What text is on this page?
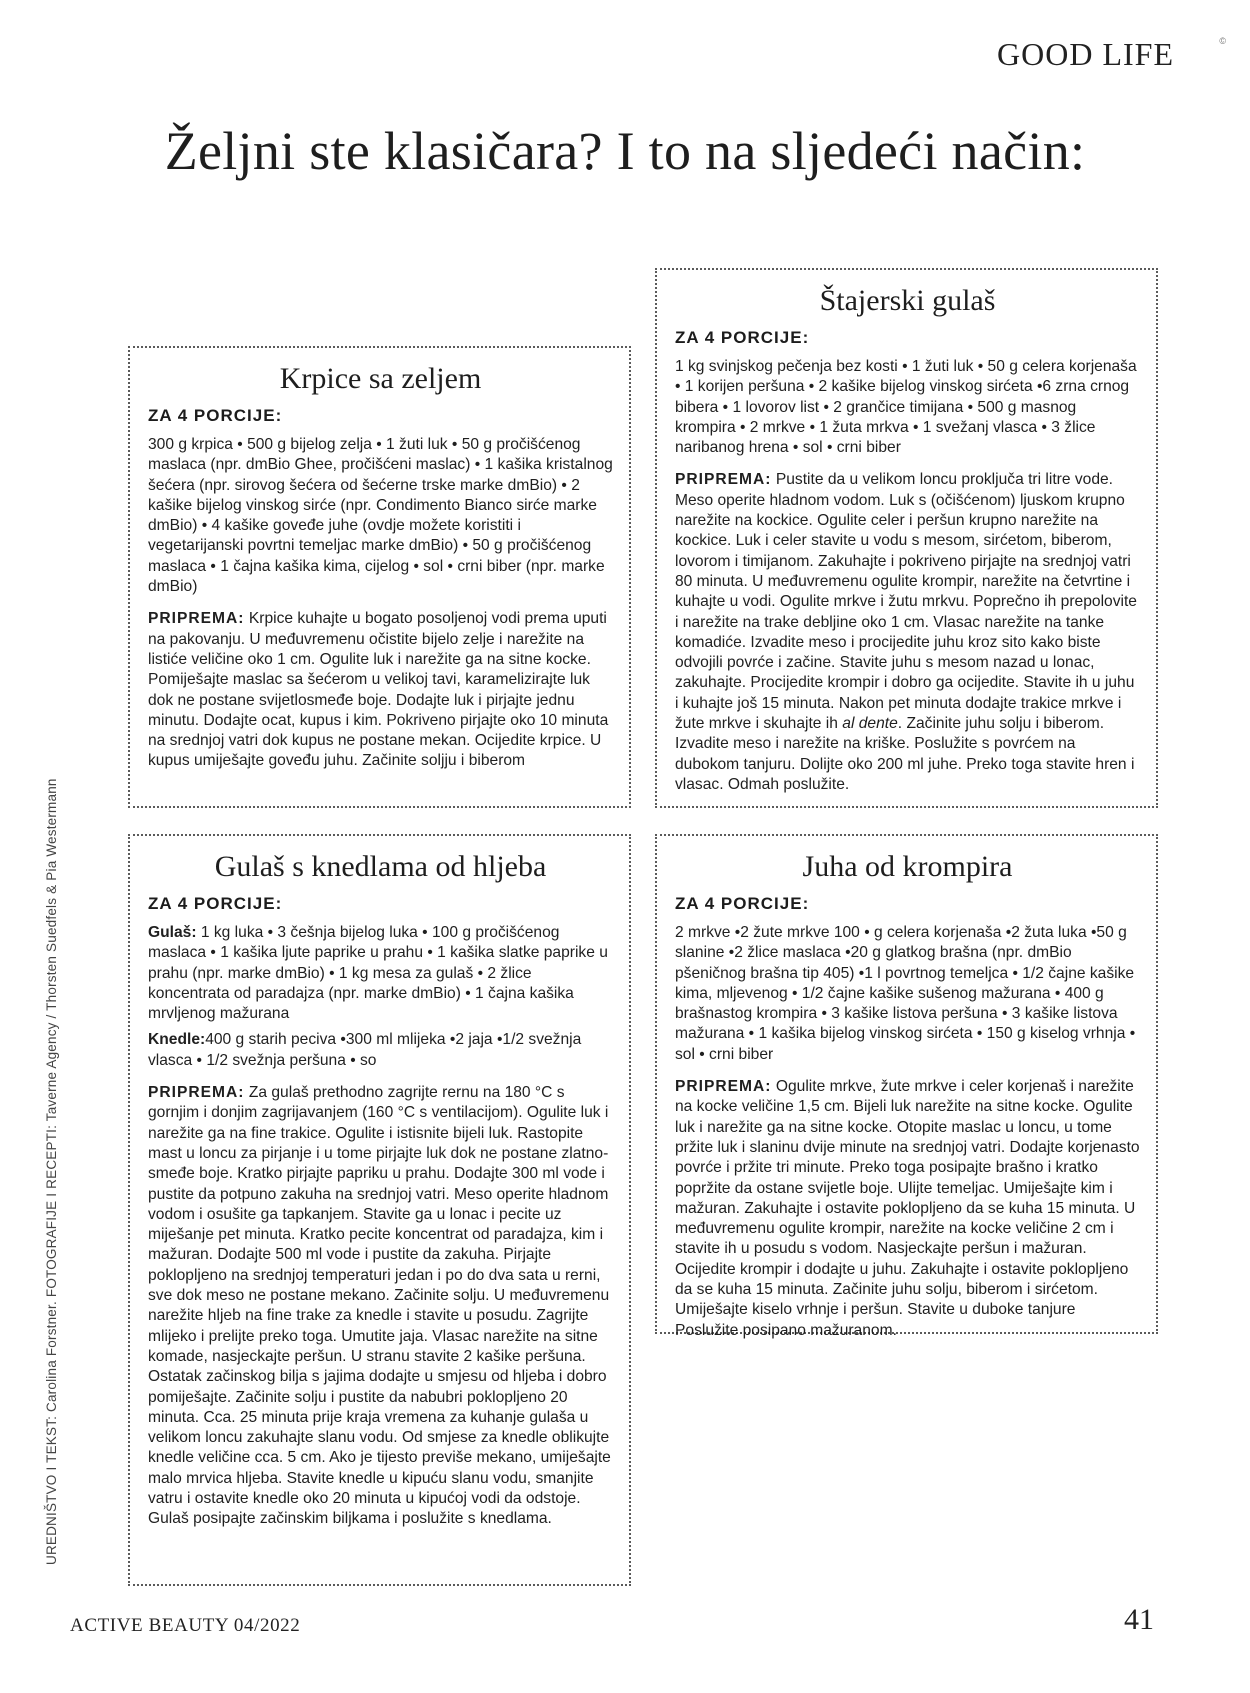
GOOD LIFE	©
Željni ste klasičara? I to na sljedeći način:
UREDNIŠTVO I TEKST: Carolina Forstner. FOTOGRAFIJE I RECEPTI: Taverne Agency / Thorsten Suedfels & Pia Westermann
Krpice sa zeljem

ZA 4 PORCIJE:

300 g krpica • 500 g bijelog zelja • 1 žuti luk • 50 g pročišćenog maslaca (npr. dmBio Ghee, pročišćeni maslac) • 1 kašika kristalnog šećera (npr. sirovog šećera od šećerne trske marke dmBio) • 2 kašike bijelog vinskog sirće (npr. Condimento Bianco sirće marke dmBio) • 4 kašike goveđe juhe (ovdje možete koristiti i vegetarijanski povrtni temeljac marke dmBio) • 50 g pročišćenog maslaca • 1 čajna kašika kima, cijelog • sol • crni biber (npr. marke dmBio)

PRIPREMA: Krpice kuhajte u bogato posoljenoj vodi prema uputi na pakovanju. U međuvremenu očistite bijelo zelje i narežite na listiće veličine oko 1 cm. Ogulite luk i narežite ga na sitne kocke. Pomiješajte maslac sa šećerom u velikoj tavi, karamelizirajte luk dok ne postane svijetlosmeđe boje. Dodajte luk i pirjajte jednu minutu. Dodajte ocat, kupus i kim. Pokriveno pirjajte oko 10 minuta na srednjoj vatri dok kupus ne postane mekan. Ocijedite krpice. U kupus umiješajte goveđu juhu. Začinite soljju i biberom

Štajerski gulaš

ZA 4 PORCIJE:

1 kg svinjskog pečenja bez kosti • 1 žuti luk • 50 g celera korjenaša • 1 korijen peršuna • 2 kašike bijelog vinskog sirćeta •6 zrna crnog bibera • 1 lovorov list • 2 grančice timijana • 500 g masnog krompira • 2 mrkve • 1 žuta mrkva • 1 svežanj vlasca • 3 žlice naribanog hrena • sol • crni biber

PRIPREMA: Pustite da u velikom loncu proključa tri litre vode. Meso operite hladnom vodom. Luk s (očišćenom) ljuskom krupno narežite na kockice. Ogulite celer i peršun krupno narežite na kockice. Luk i celer stavite u vodu s mesom, sirćetom, biberom, lovorom i timijanom. Zakuhajte i pokriveno pirjajte na srednjoj vatri 80 minuta. U međuvremenu ogulite krompir, narežite na četvrtine i kuhajte u vodi. Ogulite mrkve i žutu mrkvu. Poprečno ih prepolovite i narežite na trake debljine oko 1 cm. Vlasac narežite na tanke komadiće. Izvadite meso i procijedite juhu kroz sito kako biste odvojili povrće i začine. Stavite juhu s mesom nazad u lonac, zakuhajte. Procijedite krompir i dobro ga ocijedite. Stavite ih u juhu i kuhajte još 15 minuta. Nakon pet minuta dodajte trakice mrkve i žute mrkve i skuhajte ih al dente. Začinite juhu solju i biberom. Izvadite meso i narežite na kriške. Poslužite s povrćem na dubokom tanjuru. Dolijte oko 200 ml juhe. Preko toga stavite hren i vlasac. Odmah poslužite.

Gulaš s knedlama od hljeba

ZA 4 PORCIJE:

Gulaš: 1 kg luka • 3 češnja bijelog luka • 100 g pročišćenog maslaca • 1 kašika ljute paprike u prahu • 1 kašika slatke paprike u prahu (npr. marke dmBio) • 1 kg mesa za gulaš • 2 žlice koncentrata od paradajza (npr. marke dmBio) • 1 čajna kašika mrvljenog mažurana

Knedle:400 g starih peciva •300 ml mlijeka •2 jaja •1/2 svežnja vlasca • 1/2 svežnja peršuna • so

PRIPREMA: Za gulaš prethodno zagrijte rernu na 180 °C s gornjim i donjim zagrijavanjem (160 °C s ventilacijom). Ogulite luk i narežite ga na fine trakice. Ogulite i istisnite bijeli luk. Rastopite mast u loncu za pirjanje i u tome pirjajte luk dok ne postane zlatno-smeđe boje. Kratko pirjajte papriku u prahu. Dodajte 300 ml vode i pustite da potpuno zakuha na srednjoj vatri. Meso operite hladnom vodom i osušite ga tapkanjem. Stavite ga u lonac i pecite uz miješanje pet minuta. Kratko pecite koncentrat od paradajza, kim i mažuran. Dodajte 500 ml vode i pustite da zakuha. Pirjajte poklopljeno na srednjoj temperaturi jedan i po do dva sata u rerni, sve dok meso ne postane mekano. Začinite solju. U međuvremenu narežite hljeb na fine trake za knedle i stavite u posudu. Zagrijte mlijeko i prelijte preko toga. Umutite jaja. Vlasac narežite na sitne komade, nasjeckajte peršun. U stranu stavite 2 kašike peršuna. Ostatak začinskog bilja s jajima dodajte u smjesu od hljeba i dobro pomiješajte. Začinite solju i pustite da nabubri poklopljeno 20 minuta. Cca. 25 minuta prije kraja vremena za kuhanje gulaša u velikom loncu zakuhajte slanu vodu. Od smjese za knedle oblikujte knedle veličine cca. 5 cm. Ako je tijesto previše mekano, umiješajte malo mrvica hljeba. Stavite knedle u kipuću slanu vodu, smanjite vatru i ostavite knedle oko 20 minuta u kipućoj vodi da odstoje. Gulaš posipajte začinskim biljkama i poslužite s knedlama.

Juha od krompira

ZA 4 PORCIJE:

2 mrkve •2 žute mrkve 100 • g celera korjenaša •2 žuta luka •50 g slanine •2 žlice maslaca •20 g glatkog brašna (npr. dmBio pšeničnog brašna tip 405) •1 l povrtnog temeljca • 1/2 čajne kašike kima, mljevenog • 1/2 čajne kašike sušenog mažurana • 400 g brašnastog krompira • 3 kašike listova peršuna • 3 kašike listova mažurana • 1 kašika bijelog vinskog sirćeta • 150 g kiselog vrhnja • sol • crni biber

PRIPREMA: Ogulite mrkve, žute mrkve i celer korjenaš i narežite na kocke veličine 1,5 cm. Bijeli luk narežite na sitne kocke. Ogulite luk i narežite ga na sitne kocke. Otopite maslac u loncu, u tome pržite luk i slaninu dvije minute na srednjoj vatri. Dodajte korjenasto povrće i pržite tri minute. Preko toga posipajte brašno i kratko popržite da ostane svijetle boje. Ulijte temeljac. Umiješajte kim i mažuran. Zakuhajte i ostavite poklopljeno da se kuha 15 minuta. U međuvremenu ogulite krompir, narežite na kocke veličine 2 cm i stavite ih u posudu s vodom. Nasjeckajte peršun i mažuran. Ocijedite krompir i dodajte u juhu. Zakuhajte i ostavite poklopljeno da se kuha 15 minuta. Začinite juhu solju, biberom i sirćetom. Umiješajte kiselo vrhnje i peršun. Stavite u duboke tanjure Poslužite posipano mažuranom.

ACTIVE BEAUTY 04/2022	41
